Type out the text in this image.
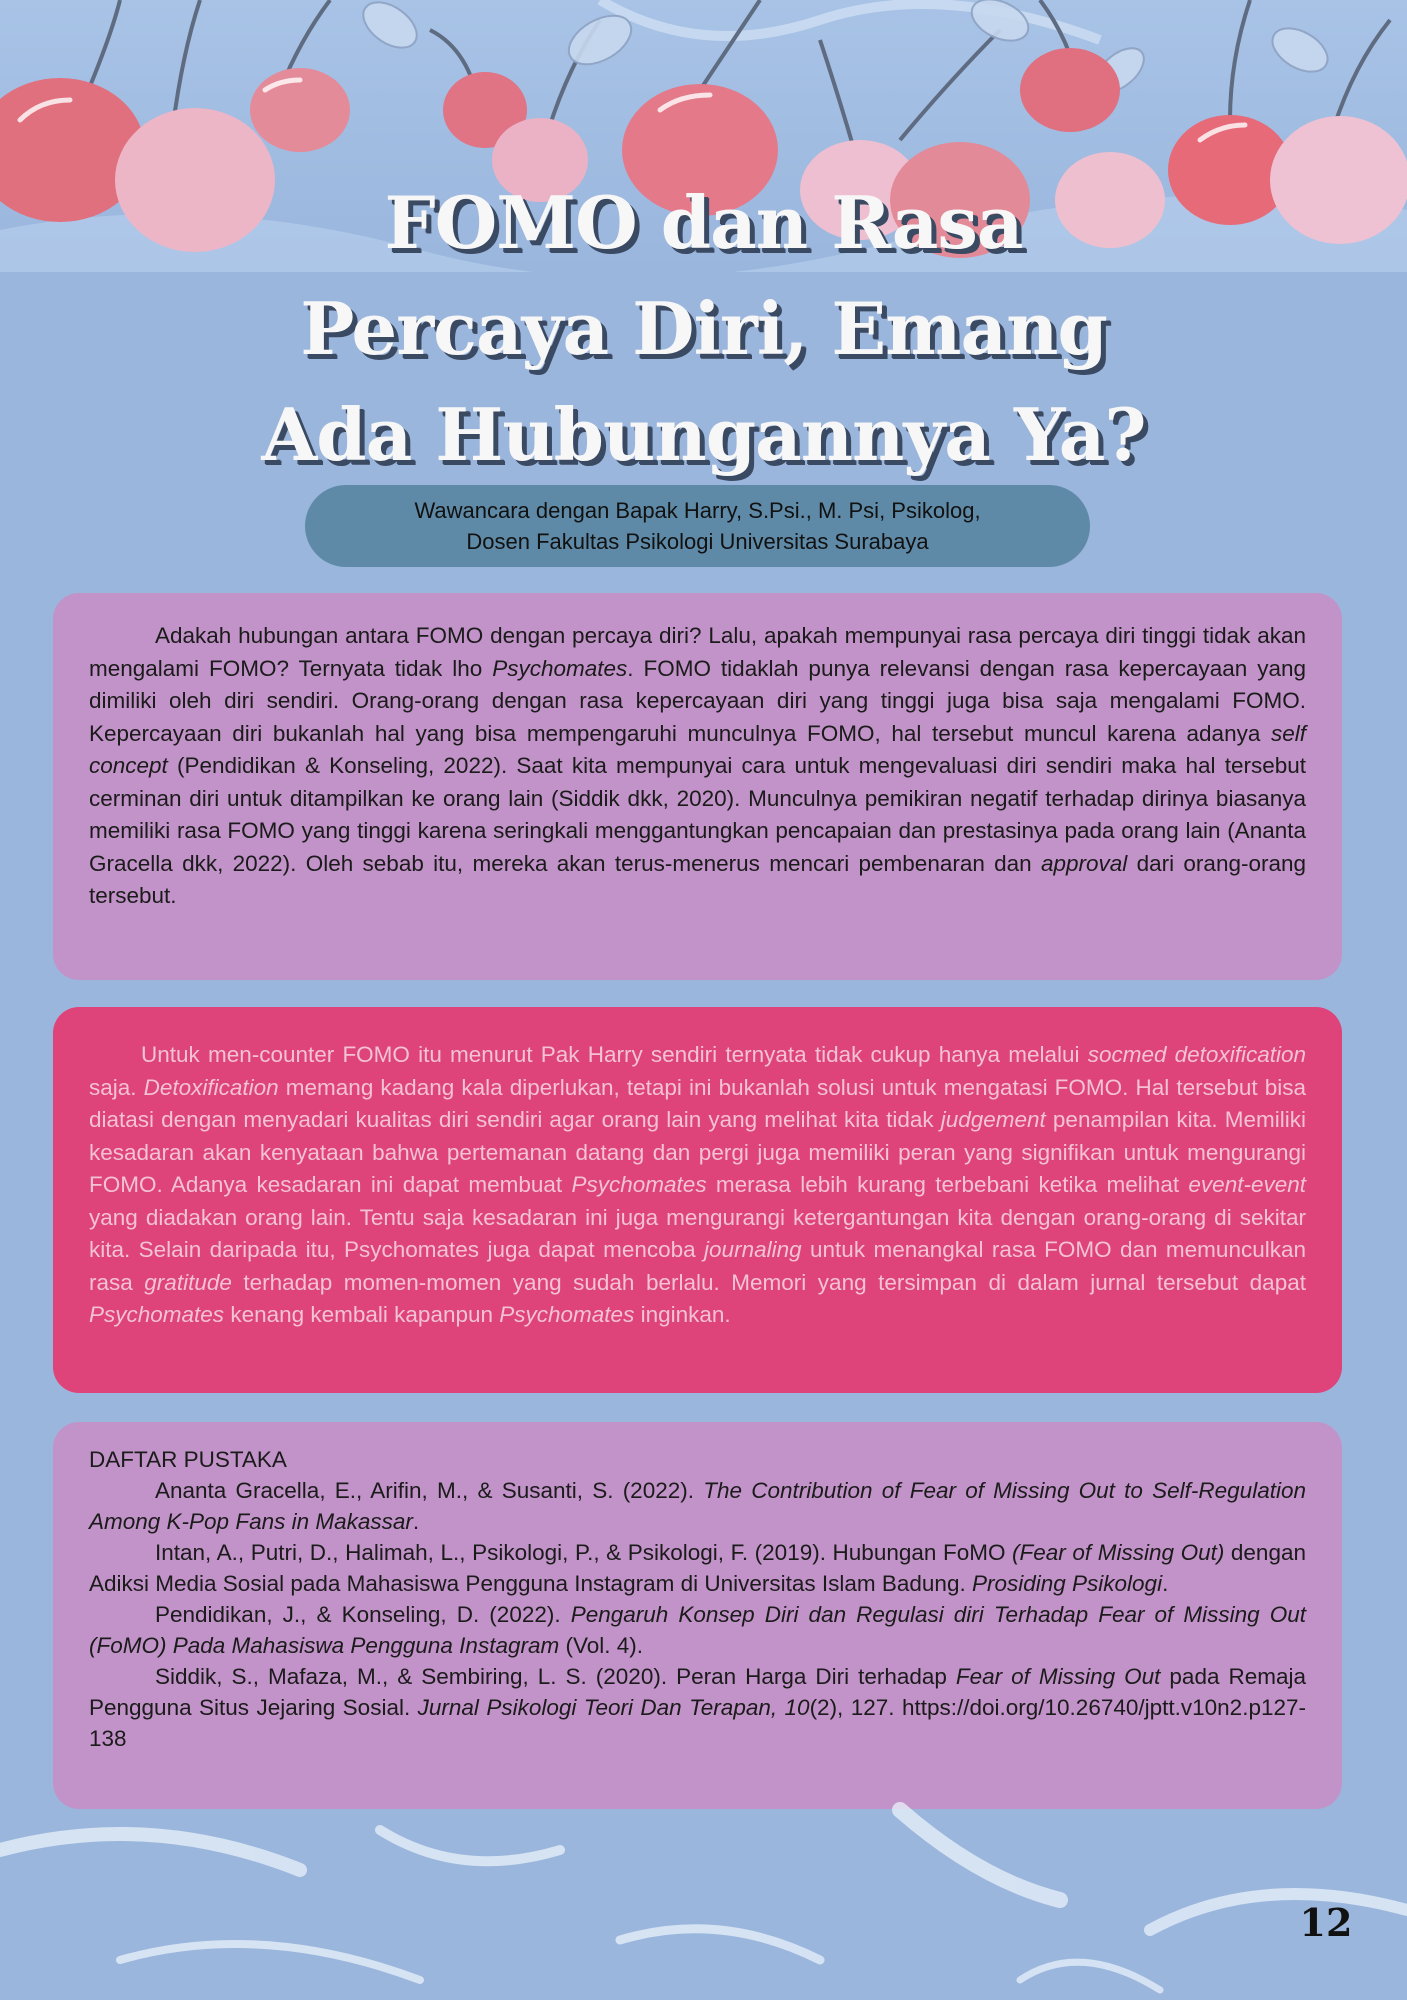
FOMO dan Rasa
Percaya Diri, Emang
Ada Hubungannya Ya?
Wawancara dengan Bapak Harry, S.Psi., M. Psi, Psikolog,
Dosen Fakultas Psikologi Universitas Surabaya

Adakah hubungan antara FOMO dengan percaya diri? Lalu, apakah mempunyai rasa percaya diri tinggi tidak akan mengalami FOMO? Ternyata tidak lho Psychomates. FOMO tidaklah punya relevansi dengan rasa kepercayaan yang dimiliki oleh diri sendiri. Orang-orang dengan rasa kepercayaan diri yang tinggi juga bisa saja mengalami FOMO. Kepercayaan diri bukanlah hal yang bisa mempengaruhi munculnya FOMO, hal tersebut muncul karena adanya self concept (Pendidikan & Konseling, 2022). Saat kita mempunyai cara untuk mengevaluasi diri sendiri maka hal tersebut cerminan diri untuk ditampilkan ke orang lain (Siddik dkk, 2020). Munculnya pemikiran negatif terhadap dirinya biasanya memiliki rasa FOMO yang tinggi karena seringkali menggantungkan pencapaian dan prestasinya pada orang lain (Ananta Gracella dkk, 2022). Oleh sebab itu, mereka akan terus-menerus mencari pembenaran dan approval dari orang-orang tersebut.

Untuk men-counter FOMO itu menurut Pak Harry sendiri ternyata tidak cukup hanya melalui socmed detoxification saja. Detoxification memang kadang kala diperlukan, tetapi ini bukanlah solusi untuk mengatasi FOMO. Hal tersebut bisa diatasi dengan menyadari kualitas diri sendiri agar orang lain yang melihat kita tidak judgement penampilan kita. Memiliki kesadaran akan kenyataan bahwa pertemanan datang dan pergi juga memiliki peran yang signifikan untuk mengurangi FOMO. Adanya kesadaran ini dapat membuat Psychomates merasa lebih kurang terbebani ketika melihat event-event yang diadakan orang lain. Tentu saja kesadaran ini juga mengurangi ketergantungan kita dengan orang-orang di sekitar kita. Selain daripada itu, Psychomates juga dapat mencoba journaling untuk menangkal rasa FOMO dan memunculkan rasa gratitude terhadap momen-momen yang sudah berlalu. Memori yang tersimpan di dalam jurnal tersebut dapat Psychomates kenang kembali kapanpun Psychomates inginkan.

DAFTAR PUSTAKA

Ananta Gracella, E., Arifin, M., & Susanti, S. (2022). The Contribution of Fear of Missing Out to Self-Regulation Among K-Pop Fans in Makassar.

Intan, A., Putri, D., Halimah, L., Psikologi, P., & Psikologi, F. (2019). Hubungan FoMO (Fear of Missing Out) dengan Adiksi Media Sosial pada Mahasiswa Pengguna Instagram di Universitas Islam Badung. Prosiding Psikologi.

Pendidikan, J., & Konseling, D. (2022). Pengaruh Konsep Diri dan Regulasi diri Terhadap Fear of Missing Out (FoMO) Pada Mahasiswa Pengguna Instagram (Vol. 4).

Siddik, S., Mafaza, M., & Sembiring, L. S. (2020). Peran Harga Diri terhadap Fear of Missing Out pada Remaja Pengguna Situs Jejaring Sosial. Jurnal Psikologi Teori Dan Terapan, 10(2), 127. https://doi.org/10.26740/jptt.v10n2.p127-138

12
